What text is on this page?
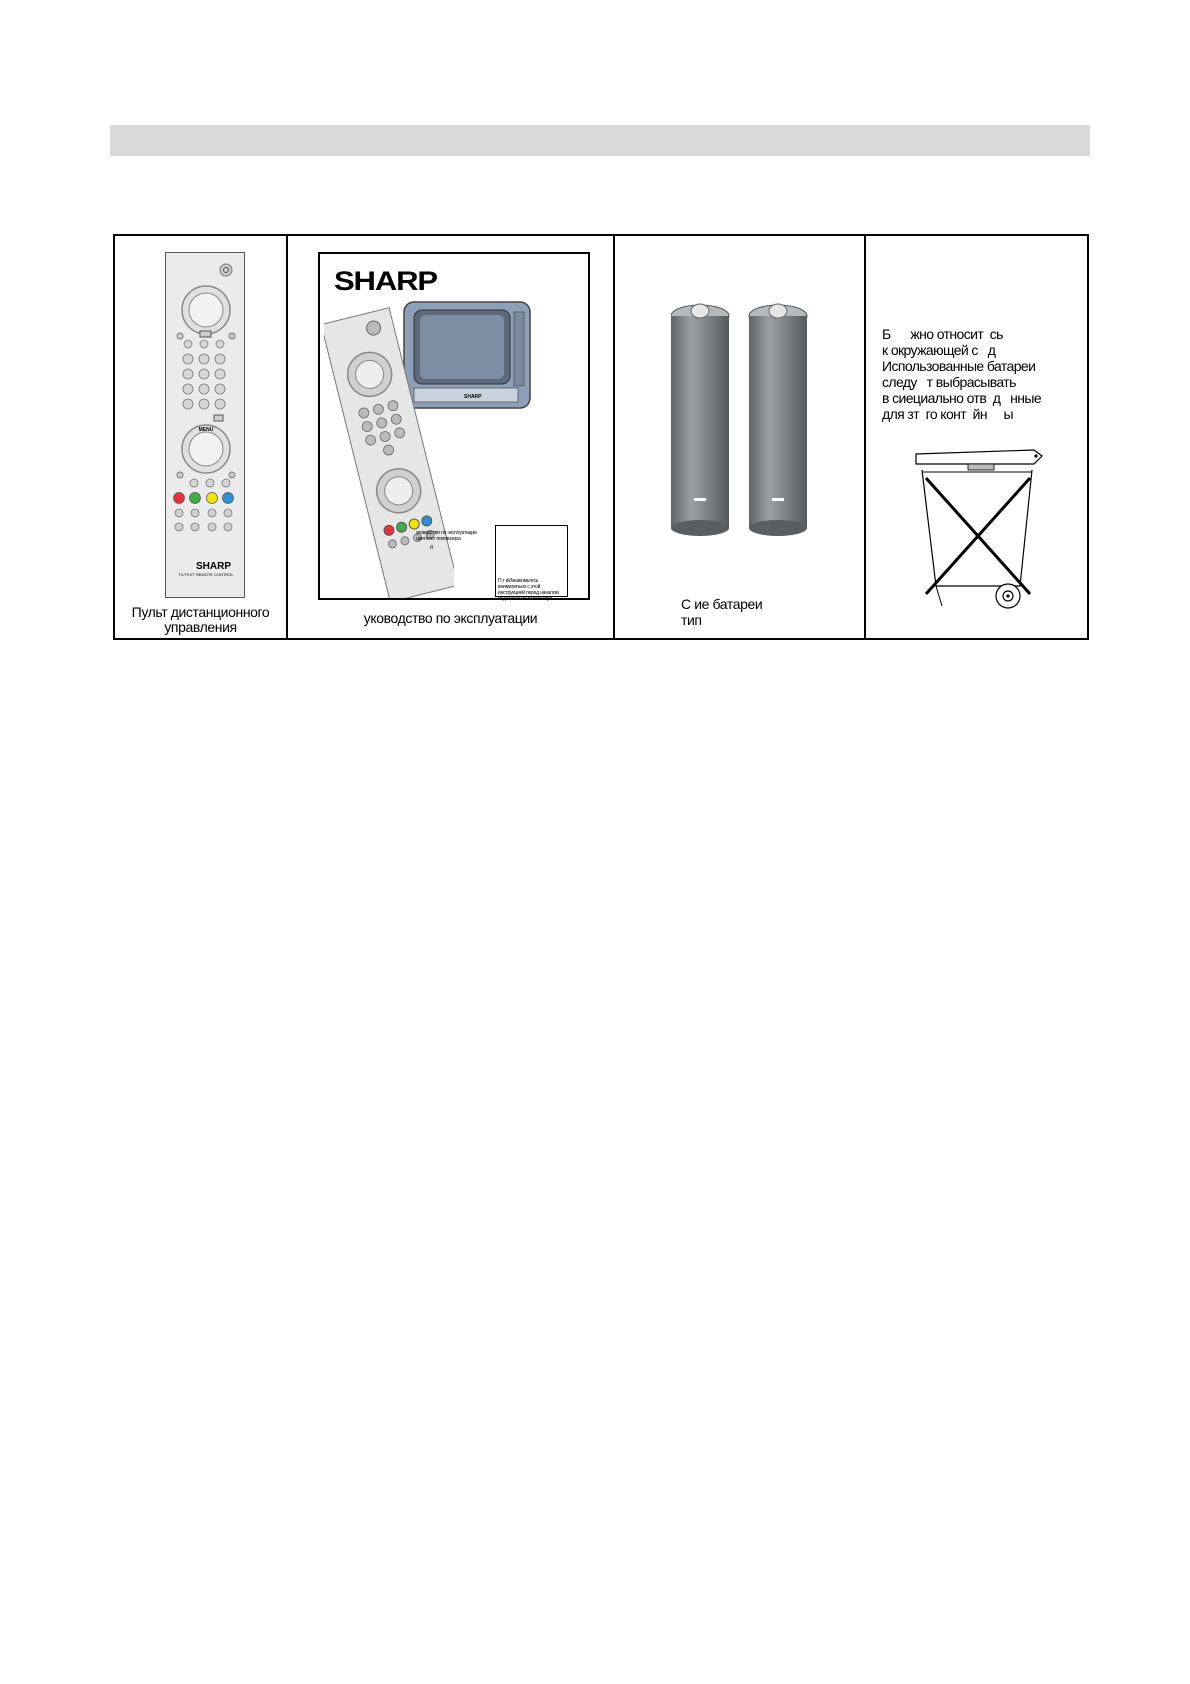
MENU
SHARP
TV/TEXT REMOTE CONTROL
Пульт дистанционного
управления
SHARP
SHARP
уководство по эксплуатации
цветного телевизора
д
П т вИзнакомьтесь внимательно с этой инструкцией перед началом подключения телевизора
уководство по эксплуатации
С ие батареи
тип
Б      жно относит  сь
к окружающей с   д
Использованные батареи
следу   т выбрасывать
в сиециально отв  д   нные
для зт  го конт  йн     ы
